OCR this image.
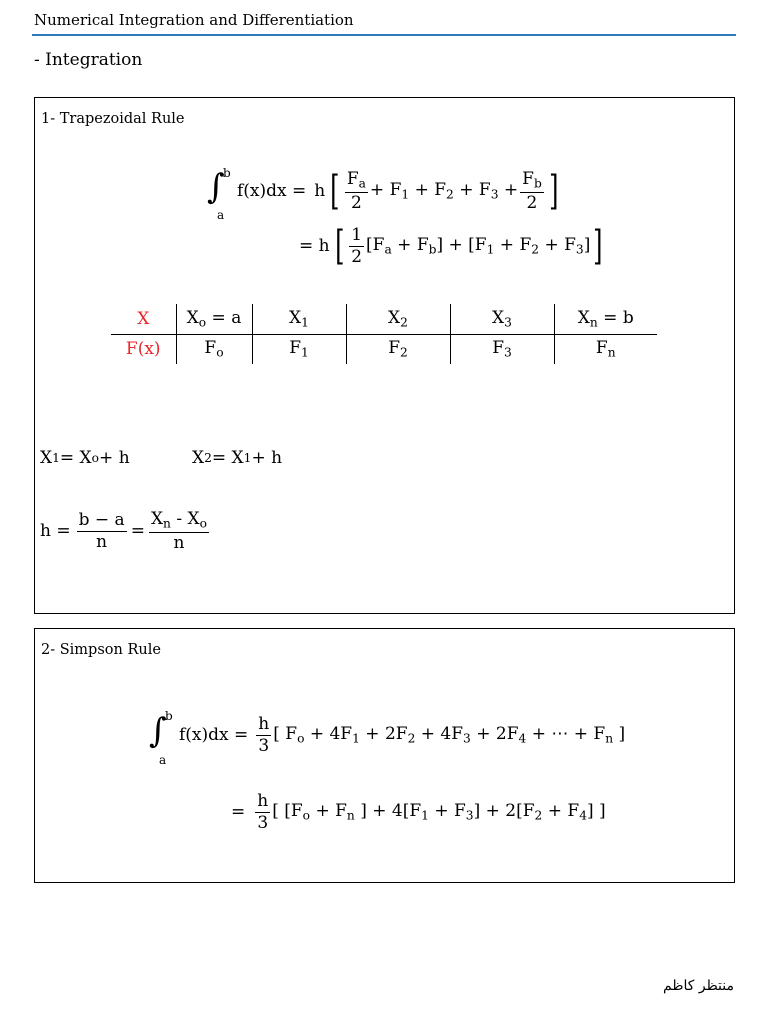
Numerical Integration and Differentiation
- Integration
1- Trapezoidal Rule
∫
b
a
f(x)dx = h [ $\frac{F_a}{2} + F_1 + F_2 + F_3 + \frac{F_b}{2}$ ]
= h [ $\frac{1}{2} [F_a + F_b] + [F_1 + F_2 + F_3]$ ]
X	$X_o = a$	$X_1$	$X_2$	$X_3$	$X_n = b$
F(x)	$F_o$	$F_1$	$F_2$	$F_3$	$F_n$
X 1 = X o + h	X 2 = X 1 + h
$h = \frac{b - a}{n} = \frac{X_n - X_o}{n}$
2- Simpson Rule
∫
b
a
$f(x)dx = \frac{h}{3}$ [ $F_o + 4F_1 + 2F_2 + 4F_3 + 2F_4$ + ⋯ + $F_n$ ]
= $\frac{h}{3}$ [ [$F_o + F_n$ ] + $4[F_1 + F_3] + 2[F_2 + F_4]$ ]
منتظر كاظم
